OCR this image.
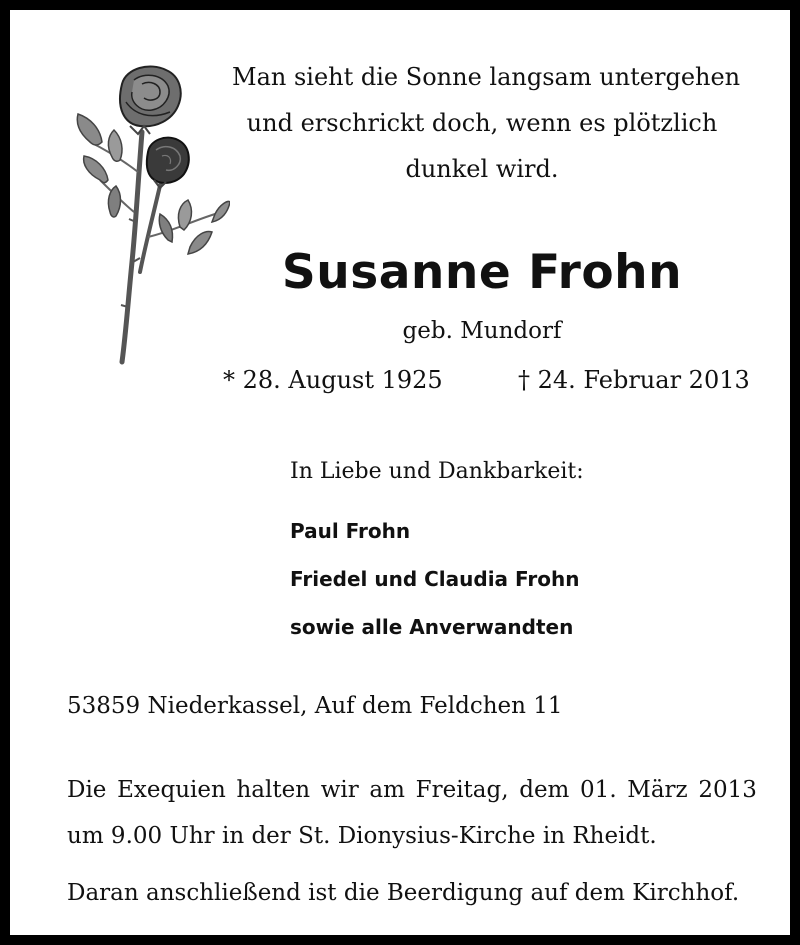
Man sieht die Sonne langsam untergehen
und erschrickt doch, wenn es plötzlich
dunkel wird.
Susanne Frohn
geb. Mundorf
* 28. August 1925	† 24. Februar 2013
In Liebe und Dankbarkeit:
Paul Frohn
Friedel und Claudia Frohn
sowie alle Anverwandten
53859 Niederkassel, Auf dem Feldchen 11
Die Exequien halten wir am Freitag, dem 01. März 2013
um 9.00 Uhr in der St. Dionysius-Kirche in Rheidt.
Daran anschließend ist die Beerdigung auf dem Kirchhof.
